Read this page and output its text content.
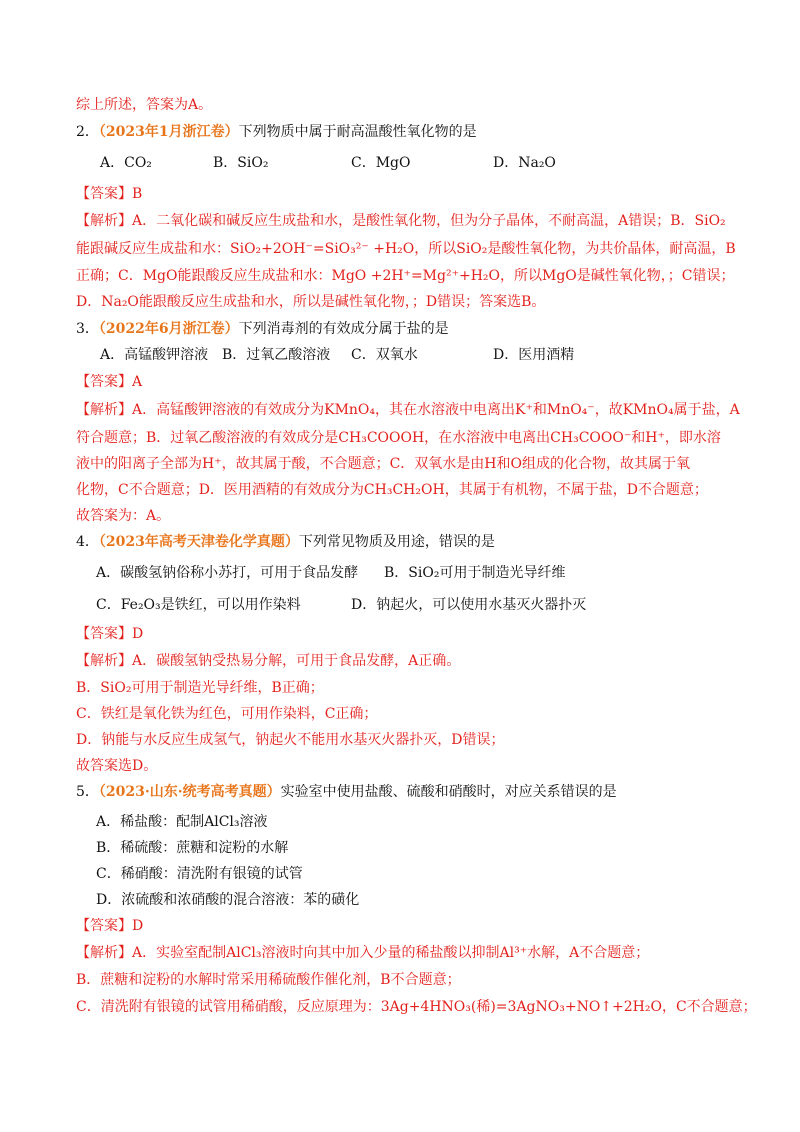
综上所述，答案为A。
2．（2023年1月浙江卷）下列物质中属于耐高温酸性氧化物的是
A．CO₂	B．SiO₂	C．MgO	D．Na₂O
【答案】B
【解析】A．二氧化碳和碱反应生成盐和水，是酸性氧化物，但为分子晶体，不耐高温，A错误；B．SiO₂
能跟碱反应生成盐和水：SiO₂+2OH⁻=SiO₃²⁻ +H₂O，所以SiO₂是酸性氧化物，为共价晶体，耐高温，B
正确；C．MgO能跟酸反应生成盐和水：MgO +2H⁺=Mg²⁺+H₂O，所以MgO是碱性氧化物，；C错误；
D．Na₂O能跟酸反应生成盐和水，所以是碱性氧化物，；D错误；答案选B。
3．（2022年6月浙江卷）下列消毒剂的有效成分属于盐的是
A．高锰酸钾溶液 B．过氧乙酸溶液 C．双氧水	D．医用酒精
【答案】A
【解析】A．高锰酸钾溶液的有效成分为KMnO₄，其在水溶液中电离出K⁺和MnO₄⁻，故KMnO₄属于盐，A
符合题意；B．过氧乙酸溶液的有效成分是CH₃COOOH，在水溶液中电离出CH₃COOO⁻和H⁺，即水溶
液中的阳离子全部为H⁺，故其属于酸，不合题意；C．双氧水是由H和O组成的化合物，故其属于氧
化物，C不合题意；D．医用酒精的有效成分为CH₃CH₂OH，其属于有机物，不属于盐，D不合题意；
故答案为：A。
4．（2023年高考天津卷化学真题）下列常见物质及用途，错误的是
A．碳酸氢钠俗称小苏打，可用于食品发酵 B．SiO₂可用于制造光导纤维
C．Fe₂O₃是铁红，可以用作染料	D．钠起火，可以使用水基灭火器扑灭
【答案】D
【解析】A．碳酸氢钠受热易分解，可用于食品发酵，A正确。
B．SiO₂可用于制造光导纤维，B正确；
C．铁红是氧化铁为红色，可用作染料，C正确；
D．钠能与水反应生成氢气，钠起火不能用水基灭火器扑灭，D错误；
故答案选D。
5．（2023·山东·统考高考真题）实验室中使用盐酸、硫酸和硝酸时，对应关系错误的是
A．稀盐酸：配制AlCl₃溶液
B．稀硫酸：蔗糖和淀粉的水解
C．稀硝酸：清洗附有银镜的试管
D．浓硫酸和浓硝酸的混合溶液：苯的磺化
【答案】D
【解析】A．实验室配制AlCl₃溶液时向其中加入少量的稀盐酸以抑制Al³⁺水解，A不合题意；
B．蔗糖和淀粉的水解时常采用稀硫酸作催化剂，B不合题意；
C．清洗附有银镜的试管用稀硝酸，反应原理为：3Ag+4HNO₃(稀)=3AgNO₃+NO↑+2H₂O，C不合题意；
